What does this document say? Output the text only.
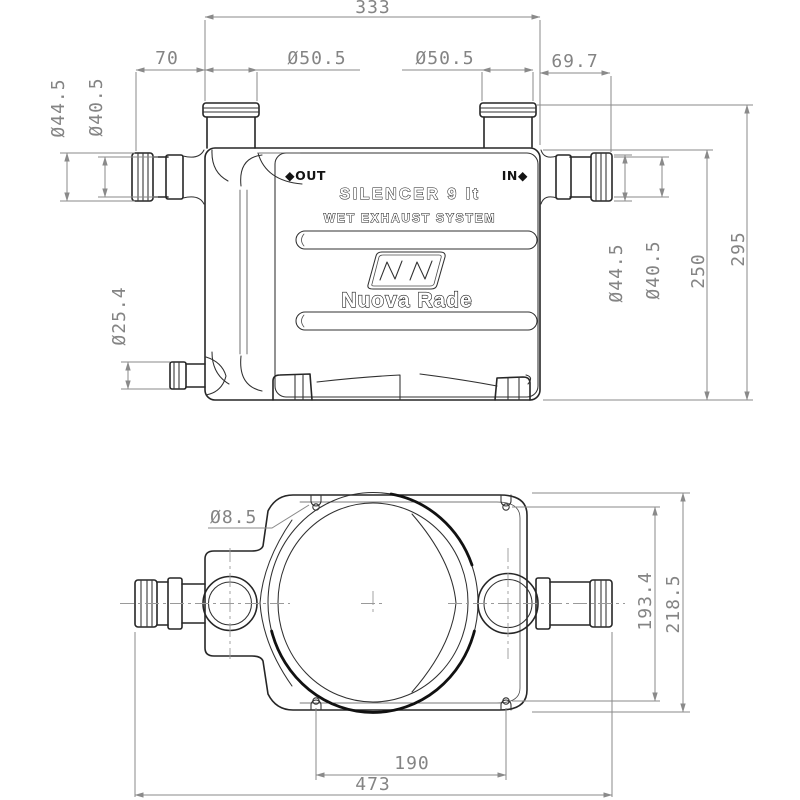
◆OUT	IN◆
SILENCER 9 lt
WET EXHAUST SYSTEM
Nuova Rade
333
70	Ø50.5	Ø50.5	69.7
Ø44.5 Ø40.5
Ø25.4
Ø44.5 Ø40.5 250
295
Ø8.5
193.4 218.5
190
473
